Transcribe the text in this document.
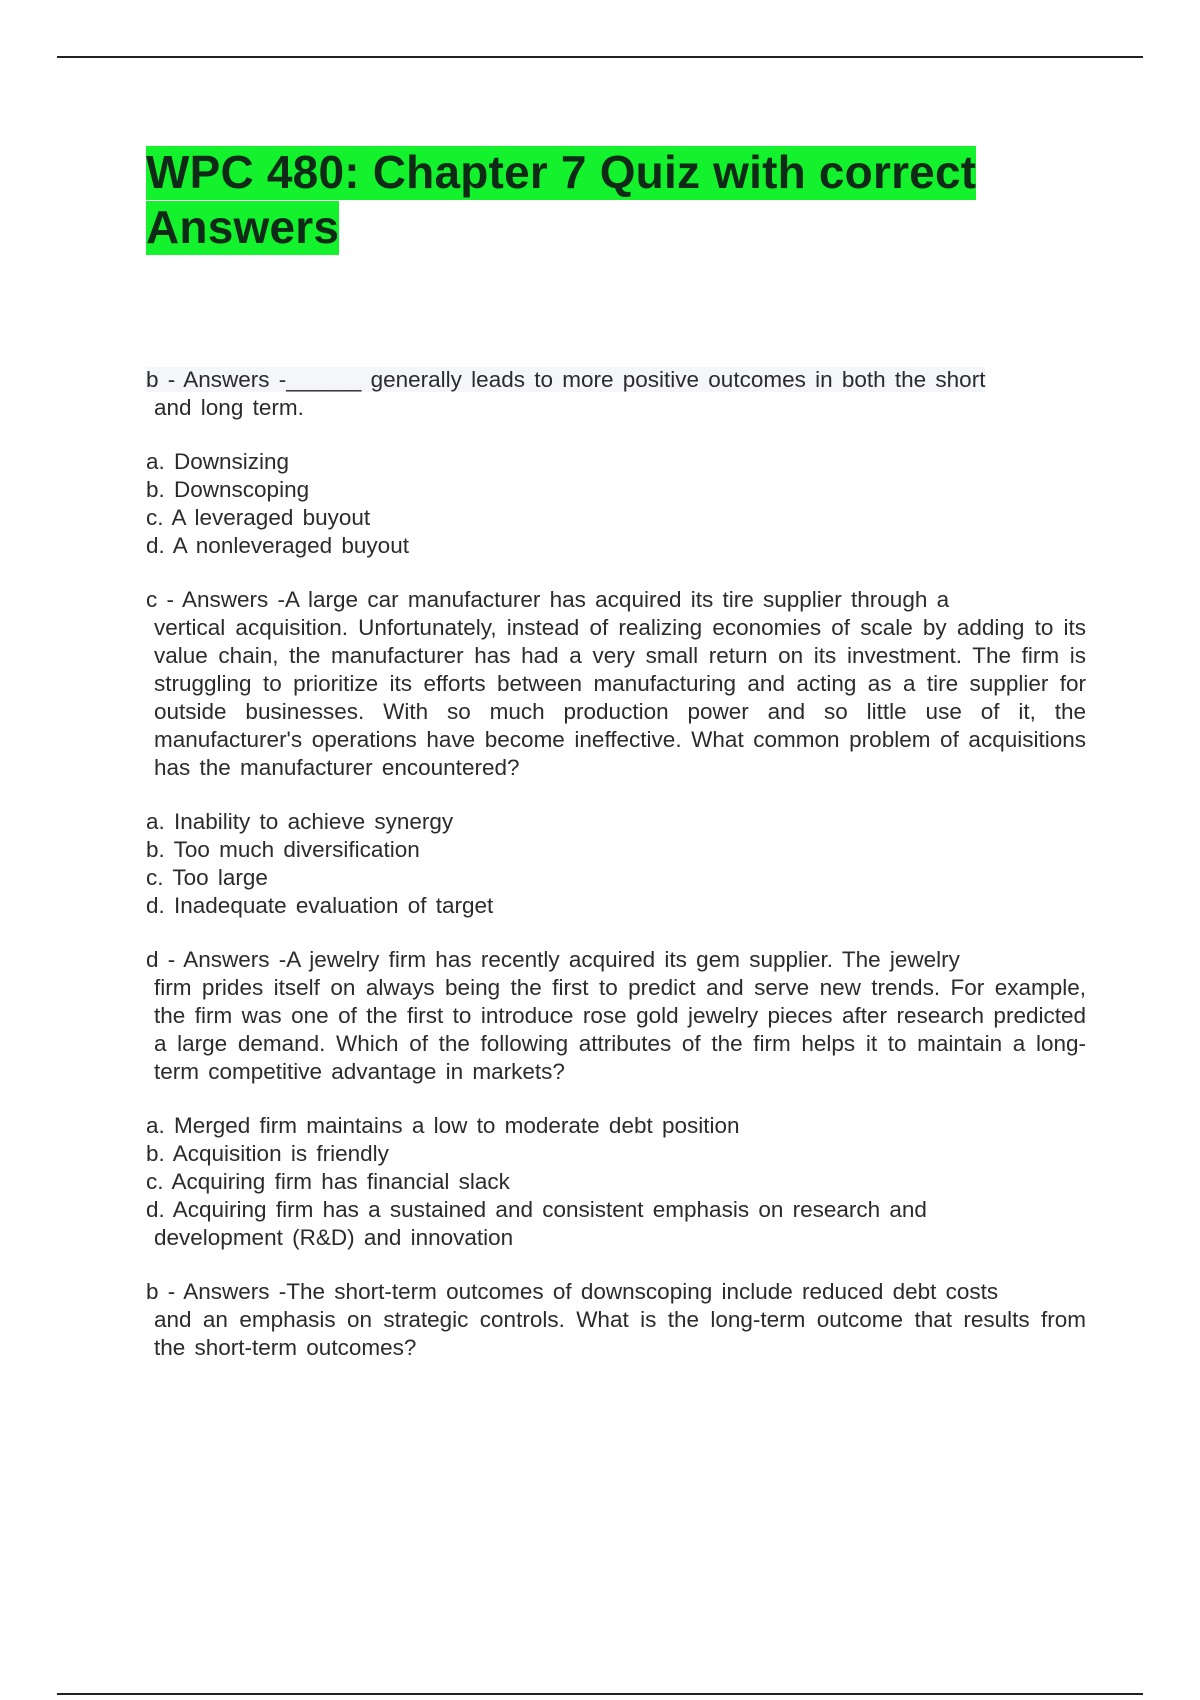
WPC 480: Chapter 7 Quiz with correct Answers
b - Answers -______ generally leads to more positive outcomes in both the short
and long term.
a. Downsizing
b. Downscoping
c. A leveraged buyout
d. A nonleveraged buyout
c - Answers -A large car manufacturer has acquired its tire supplier through a
vertical acquisition. Unfortunately, instead of realizing economies of scale by adding to its value chain, the manufacturer has had a very small return on its investment. The firm is struggling to prioritize its efforts between manufacturing and acting as a tire supplier for outside businesses. With so much production power and so little use of it, the manufacturer's operations have become ineffective. What common problem of acquisitions has the manufacturer encountered?
a. Inability to achieve synergy
b. Too much diversification
c. Too large
d. Inadequate evaluation of target
d - Answers -A jewelry firm has recently acquired its gem supplier. The jewelry
firm prides itself on always being the first to predict and serve new trends. For example, the firm was one of the first to introduce rose gold jewelry pieces after research predicted a large demand. Which of the following attributes of the firm helps it to maintain a long-term competitive advantage in markets?
a. Merged firm maintains a low to moderate debt position
b. Acquisition is friendly
c. Acquiring firm has financial slack
d. Acquiring firm has a sustained and consistent emphasis on research and
development (R&D) and innovation
b - Answers -The short-term outcomes of downscoping include reduced debt costs
and an emphasis on strategic controls. What is the long-term outcome that results from the short-term outcomes?
